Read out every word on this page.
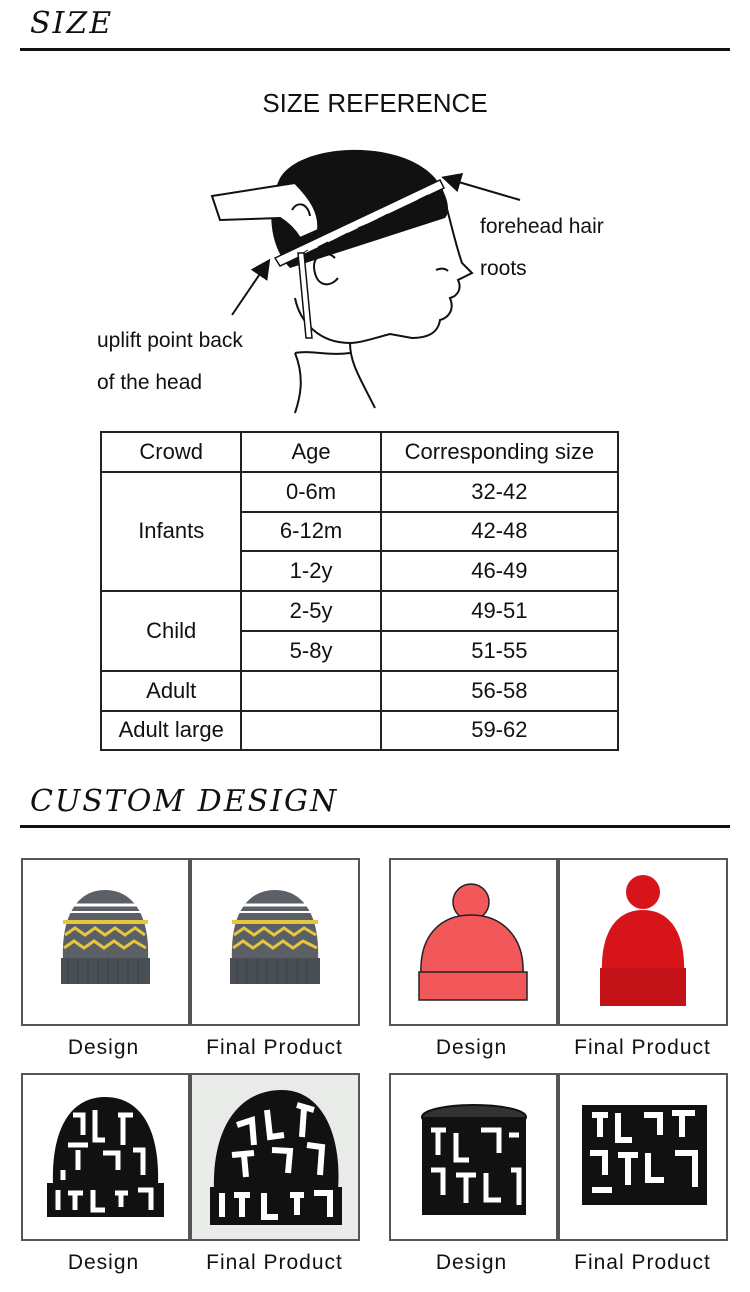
SIZE
SIZE REFERENCE
forehead hair
roots
uplift point back
of the head
Crowd	Age	Corresponding size
Infants	0-6m	32-42
	6-12m	42-48
	1-2y	46-49
Child	2-5y	49-51
	5-8y	51-55
Adult		56-58
Adult large		59-62
CUSTOM DESIGN
Design	Final Product	Design	Final Product
Design	Final Product	Design	Final Product
